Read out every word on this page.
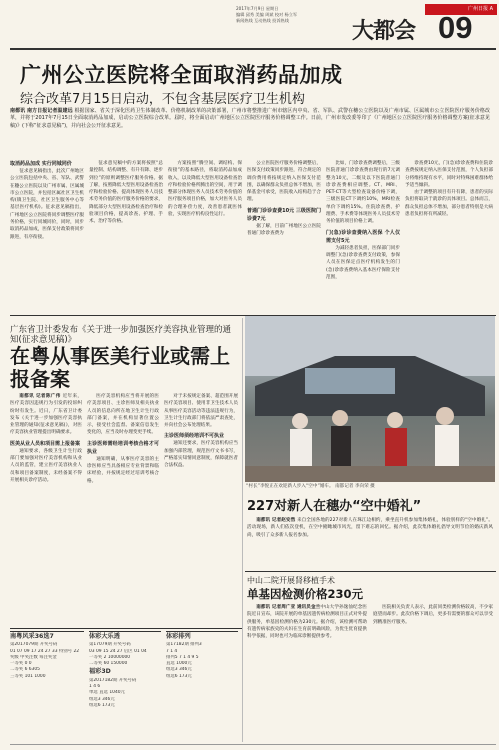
2017年7月9日 星期日
编辑 邱秀 美编 周斌 校对 杨立军
新闻热线 互动热线 投诉热线
广州日报 A
大都会 09
广州公立医院将全面取消药品加成
综合改革7月15日启动，不包含基层医疗卫生机构
南都讯 南方日报记者温建远 根据国家、省关于深化医药卫生体制改革、价格机制改革的决策部署，广州市将整推进广州市辖区内中央、省、军队、武警在穗公立医院以及广州市属、区属城市公立医院医疗服务价格改革，并将于2017年7月15日全面取消药品加成，启动公立医院综合改革。届时，将全面启动广州地区公立医院医疗服务价格调整工作。日前，广州市发改委等印了《广州地区公立医院医疗服务价格调整方案(征求意见稿)》(下称“征求意见稿”)，并向社会公开征求意见。
取消药品加成 实行同城同价

征求意见稿指出，此次广州地区公立医院包括中央、省、军队、武警在穗公立医院以及广州市属、区属城市公立医院，并包括区属社区卫生机构(镇卫生院、社区卫生服务中心等基层医疗机构)。征求意见稿指出，广州地区公立医院将同步调整医疗服务价格，实行同城同价，同时，同步取消药品加成，医保支付政策将同步跟进，有序衔接。

征求意见稿中的方案将按照“总量控制、结构调整、有升有降、逐步到位”的原则调整医疗服务价格。据了解，按照降低大型医用设备检查治疗和检验价格、提高体现医务人员技术劳务价值的医疗服务价格的要求，降低部分大型医用设备检查治疗和检验项目价格，提高诊查、护理、手术、治疗等价格。

方案按照“腾空间、调结构、保衔接”的基本路径，将取消药品加成收入，以及降低大型医用设备检查治疗和检验价格所腾出的空间，用于调整部分体现医务人员技术劳务价值的医疗服务项目价格，加大对医务人员的合理补偿力度，改善患者就医体验，实现医疗机构良性运行。

公立医院医疗服务价格调整后，医保支付政策同步跟进，符合规定的调价费用将按规定纳入医保支付范围，以确保群众负担总体不增加，医保基金可承受，医院收入结构趋于合理。

普通门诊诊查费10元 三级医院门诊费7元

据了解，目前广州地区公立医院普通门诊诊查费为

比如，门诊诊查费调整后，三级医院普通门诊诊查费由现行的7元调整为10元，二级及以下医院普通门诊诊查费相应调整。CT、MRI、PET-CT等大型检查设备价格下调，三级医院CT下调约10%，MRI检查单价下调约15%。住院诊查费、护理费、手术费等体现医务人员技术劳务价值的项目价格上调。

门(急)诊诊查费纳入医保 个人仅需支付5元

为减轻患者负担，医保部门同步调整门(急)诊诊查费支付政策，参保人员在医保定点医疗机构发生的门(急)诊诊查费纳入基本医疗保险支付范围，

诊查费10元，门(急)诊诊查费和住院诊查费按规定纳入医保支付范围，个人负担部分将维持现有水平，同时对特殊困难群体给予适当倾斜。

由于调整的项目有升有降，患者的实际负担将取决于就诊的具体项目。总体而言，群众负担总体不增加，部分患者特别是大病患者负担将有所减轻。

广东省卫计委发布《关于进一步加强医疗美容执业管理的通知(征求意见稿)》
在粤从事医美行业或需上报备案

南都讯 记者陈广伟 近年来，医疗美容因违规行为引发的投诉纠纷时有发生。近日，广东省卫计委发布《关于进一步加强医疗美容执业管理的通知(征求意见稿)》，对医疗美容执业管理提出明确要求。

医美从业人员和项目需上报备案

通知要求，各级卫生计生行政部门要加强对医疗美容机构和从业人员的监管，建立医疗美容执业人员和项目备案制度，未经备案不得开展相关诊疗活动。

医疗美容机构应当将开展的医疗美容项目、主诊医师及相关执业人员的信息向所在地卫生计生行政部门备案，并在机构显著位置公示，接受社会监督。备案信息发生变化的，应当及时办理变更手续。

主诊医师需经培训考核合格才可执业

通知明确，从事医疗美容的主诊医师应当具备相应专业背景和临床经验，并按规定经过培训考核合格。

对于未按规定备案、超范围开展医疗美容项目、使用非卫生技术人员从事医疗美容活动等违法违规行为，卫生计生行政部门将依法严肃查处，并向社会公布处理结果。

主诊医师须经培训不可执业

通知还要求，医疗美容机构应当加强内部管理，规范医疗文书书写，严格落实知情同意制度，保障就医者合法权益。

“村长”李悦正在欢迎新人步入“空中”婚车。 南都记者 李向荣 摄
227对新人在穗办“空中婚礼”

南都讯 记者赵安然 来自全国各地的227对新人在珠江边相约，乘坐直升机参加集体婚礼，体验别样的“空中婚礼”。活动现场，新人们依次登机，在空中俯瞰城市风光，留下难忘的回忆。据介绍，此次集体婚礼倡导文明节俭的婚庆新风尚，吸引了众多新人报名参加。

中山二院开展肾移植手术
单基因检测价格230元

南都讯 记者周广亚 通讯员金兰中山大学孙逸仙纪念医院近日宣布，该院开展的单基因遗传病检测项目正式对外提供服务，单基因检测价格为230元。据介绍，该检测可帮助有遗传病家族史的夫妇在生育前明确风险，为优生优育提供科学依据，同时也可为临床诊断提供参考。

医院相关负责人表示，此前同类检测价格较高，不少家庭望而却步。此次价格下调后，更多有需要的群众可以享受到精准医疗服务。

南粤风采36选7
第2017079期 开奖号码
01 07 09 17 24 27 33 特别号 22
奖级 中奖注数 每注奖金
一等奖 0 0
二等奖 6 6305
三等奖 101 1000
体彩大乐透
第17079期 开奖号码
03 09 15 24 27 后区 01 04
一等奖 2 10000000
二等奖 60 150000
福彩3D
第2017182期 开奖号码
1 4 6
单选 直选 1040元
组选3 346元
组选6 173元
体彩排列
第17182期 排列3
7 1 4
排列5 7 1 4 9 5
直选 1000元
组选3 346元
组选6 173元
